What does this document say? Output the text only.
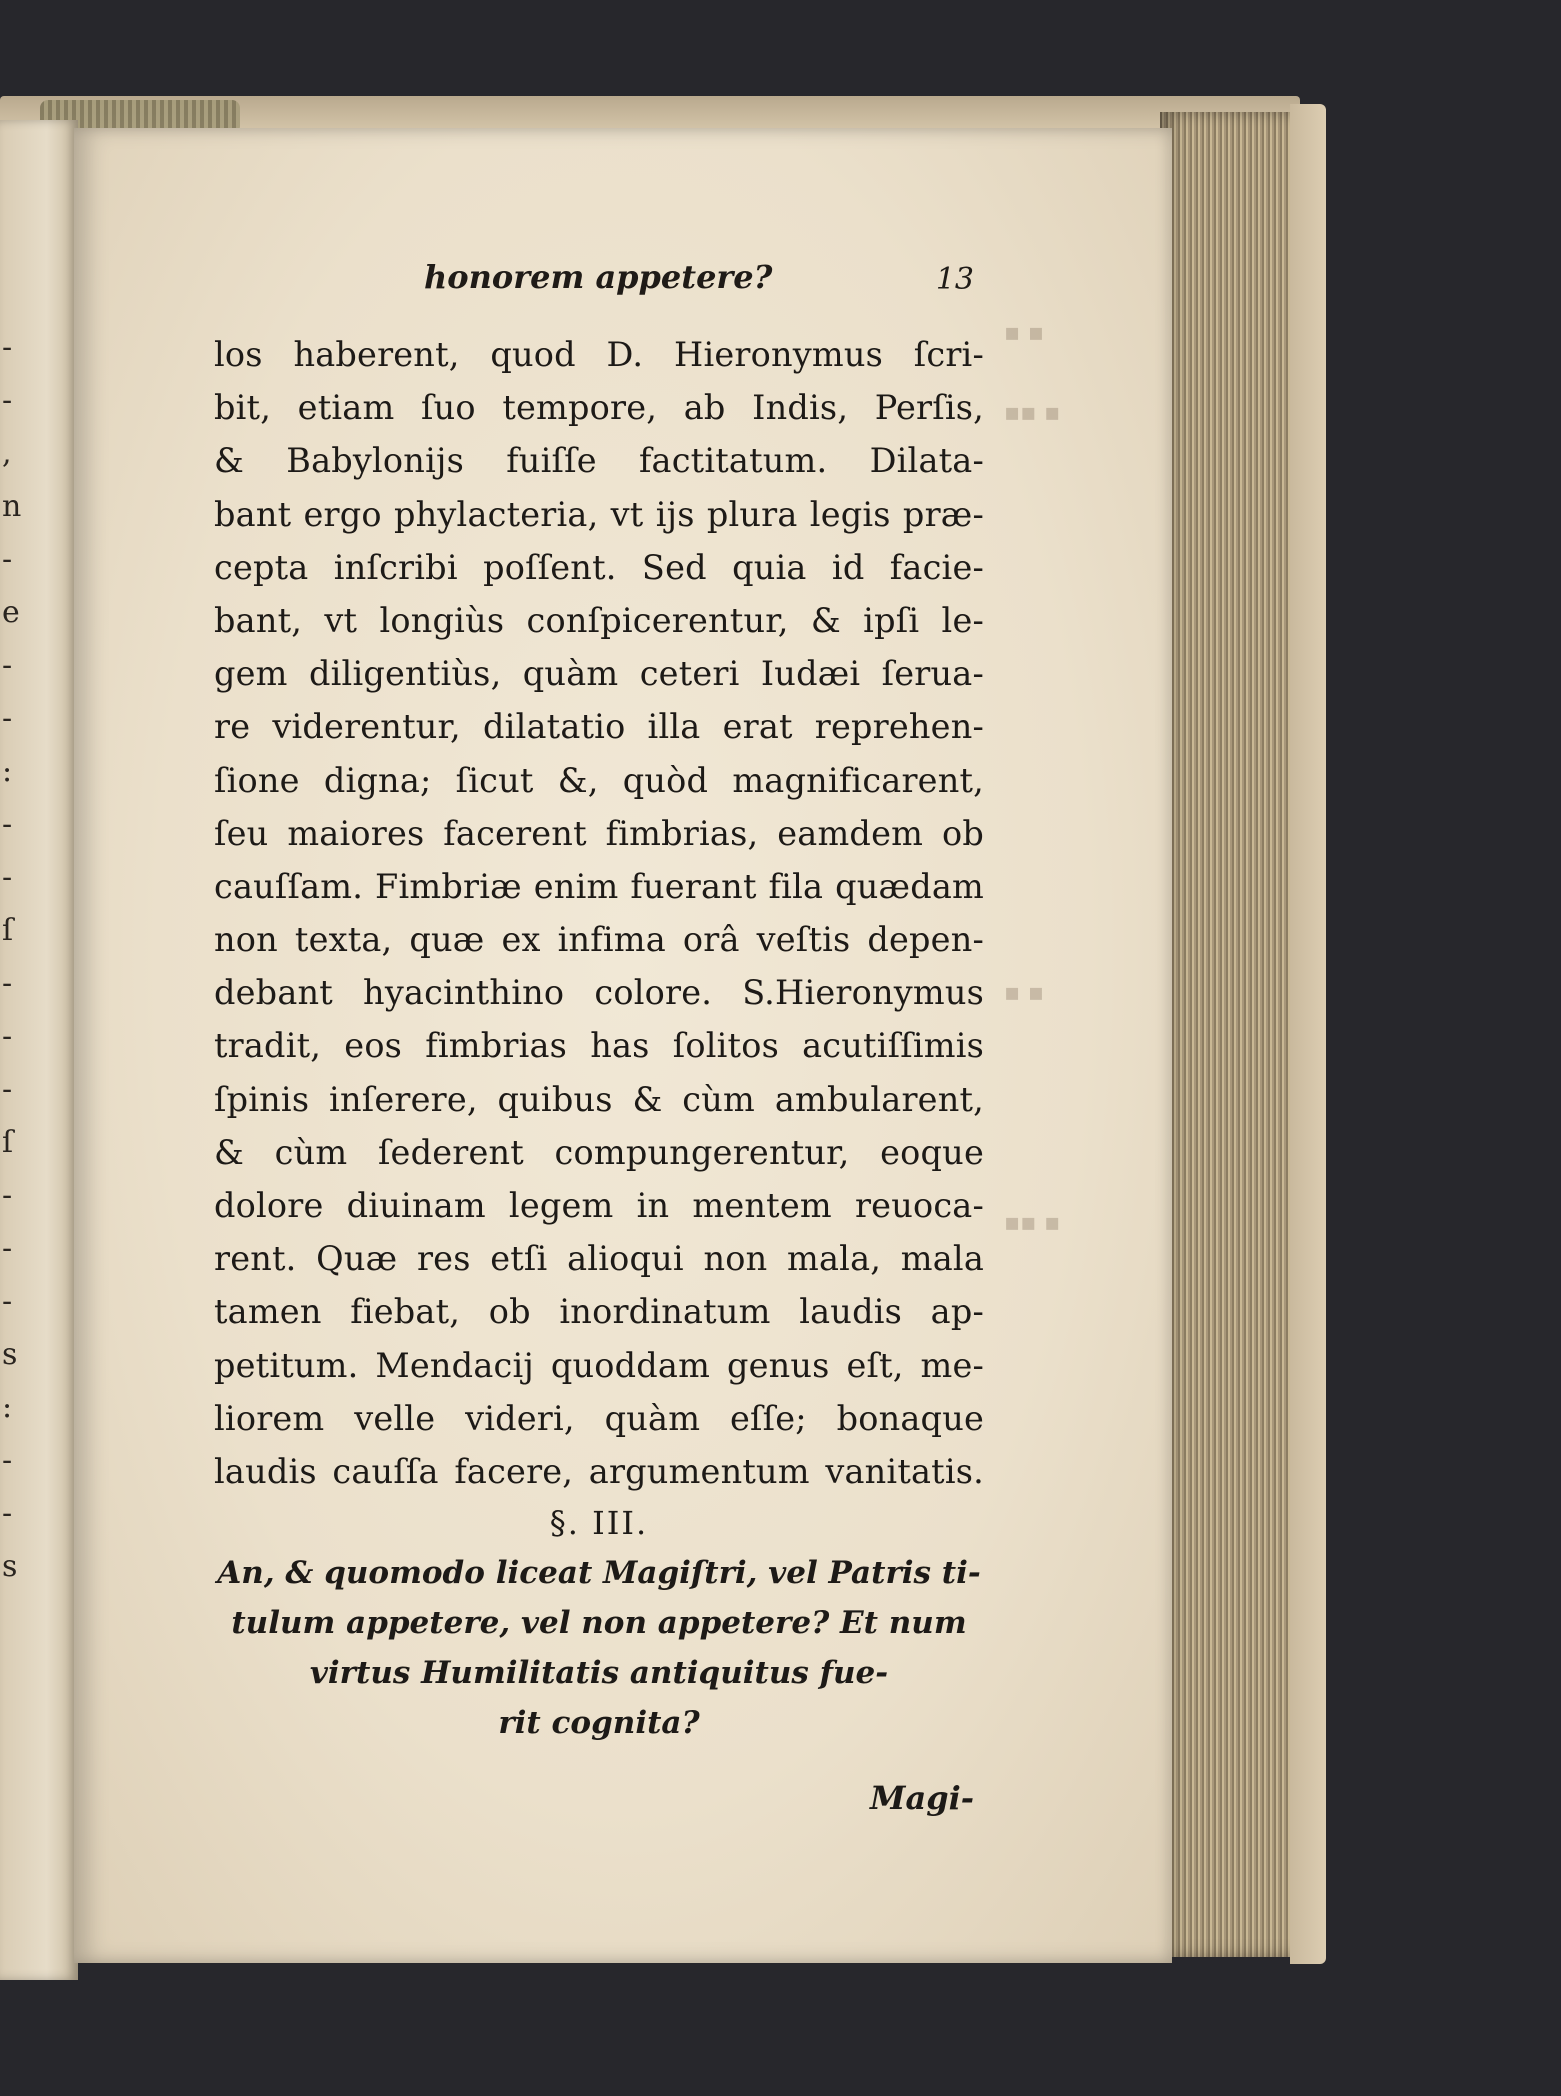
-
-
,
n
-
e
-
-
:
-
-
ſ
-
-
-
ſ
-
-
-
s
:
-
-
s
▪ ▪
▪▪ ▪
▪ ▪
▪▪ ▪
honorem appetere?	13
los haberent, quod D. Hieronymus ſcri-
bit, etiam ſuo tempore, ab Indis, Perſis,
& Babylonijs fuiſſe factitatum. Dilata-
bant ergo phylacteria, vt ijs plura legis præ-
cepta inſcribi poſſent. Sed quia id facie-
bant, vt longiùs conſpicerentur, & ipſi le-
gem diligentiùs, quàm ceteri Iudæi ſerua-
re viderentur, dilatatio illa erat reprehen-
ſione digna; ſicut &, quòd magnificarent,
ſeu maiores facerent fimbrias, eamdem ob
cauſſam. Fimbriæ enim fuerant fila quædam
non texta, quæ ex infima orâ veſtis depen-
debant hyacinthino colore. S.Hieronymus
tradit, eos fimbrias has ſolitos acutiſſimis
ſpinis inſerere, quibus & cùm ambularent,
& cùm ſederent compungerentur, eoque
dolore diuinam legem in mentem reuoca-
rent. Quæ res etſi alioqui non mala, mala
tamen fiebat, ob inordinatum laudis ap-
petitum. Mendacij quoddam genus eſt, me-
liorem velle videri, quàm eſſe; bonaque
laudis cauſſa facere, argumentum vanitatis.
§. III.
An, & quomodo liceat Magiſtri, vel Patris ti-
tulum appetere, vel non appetere? Et num
virtus Humilitatis antiquitus fue-
rit cognita?
Magi-
